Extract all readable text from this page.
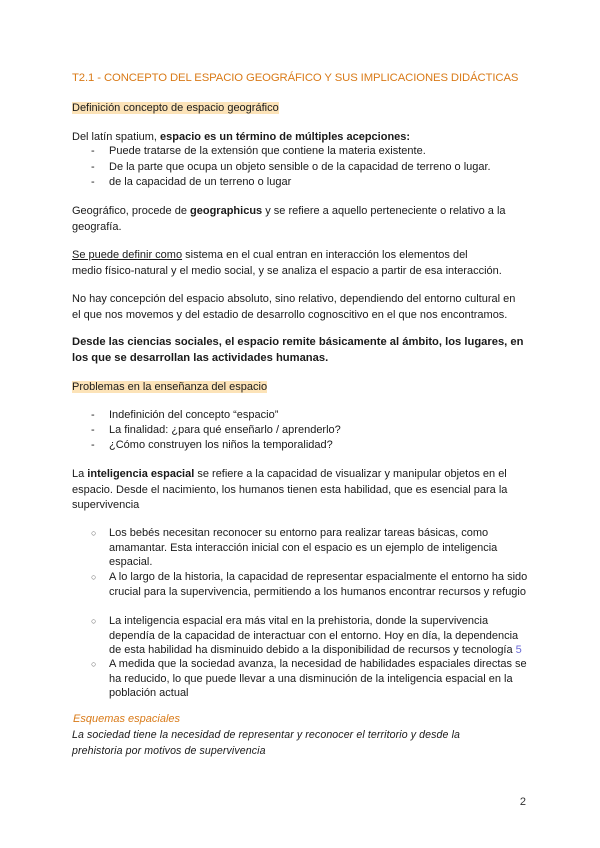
T2.1 - CONCEPTO DEL ESPACIO GEOGRÁFICO Y SUS IMPLICACIONES DIDÁCTICAS
Definición concepto de espacio geográfico
Del latín spatium, espacio es un término de múltiples acepciones:
- Puede tratarse de la extensión que contiene la materia existente.
- De la parte que ocupa un objeto sensible o de la capacidad de terreno o lugar.
- de la capacidad de un terreno o lugar
Geográfico, procede de geographicus y se refiere a aquello perteneciente o relativo a la
geografía.
Se puede definir como sistema en el cual entran en interacción los elementos del
medio físico-natural y el medio social, y se analiza el espacio a partir de esa interacción.
No hay concepción del espacio absoluto, sino relativo, dependiendo del entorno cultural en
el que nos movemos y del estadio de desarrollo cognoscitivo en el que nos encontramos.
Desde las ciencias sociales, el espacio remite básicamente al ámbito, los lugares, en
los que se desarrollan las actividades humanas.
Problemas en la enseñanza del espacio
- Indefinición del concepto “espacio”
- La finalidad: ¿para qué enseñarlo / aprenderlo?
- ¿Cómo construyen los niños la temporalidad?
La inteligencia espacial se refiere a la capacidad de visualizar y manipular objetos en el
espacio. Desde el nacimiento, los humanos tienen esta habilidad, que es esencial para la
supervivencia
○ Los bebés necesitan reconocer su entorno para realizar tareas básicas, como amamantar. Esta interacción inicial con el espacio es un ejemplo de inteligencia espacial.
○ A lo largo de la historia, la capacidad de representar espacialmente el entorno ha sido crucial para la supervivencia, permitiendo a los humanos encontrar recursos y refugio
○ La inteligencia espacial era más vital en la prehistoria, donde la supervivencia dependía de la capacidad de interactuar con el entorno. Hoy en día, la dependencia de esta habilidad ha disminuido debido a la disponibilidad de recursos y tecnología 5
○ A medida que la sociedad avanza, la necesidad de habilidades espaciales directas se ha reducido, lo que puede llevar a una disminución de la inteligencia espacial en la población actual
Esquemas espaciales
La sociedad tiene la necesidad de representar y reconocer el territorio y desde la
prehistoria por motivos de supervivencia
2
